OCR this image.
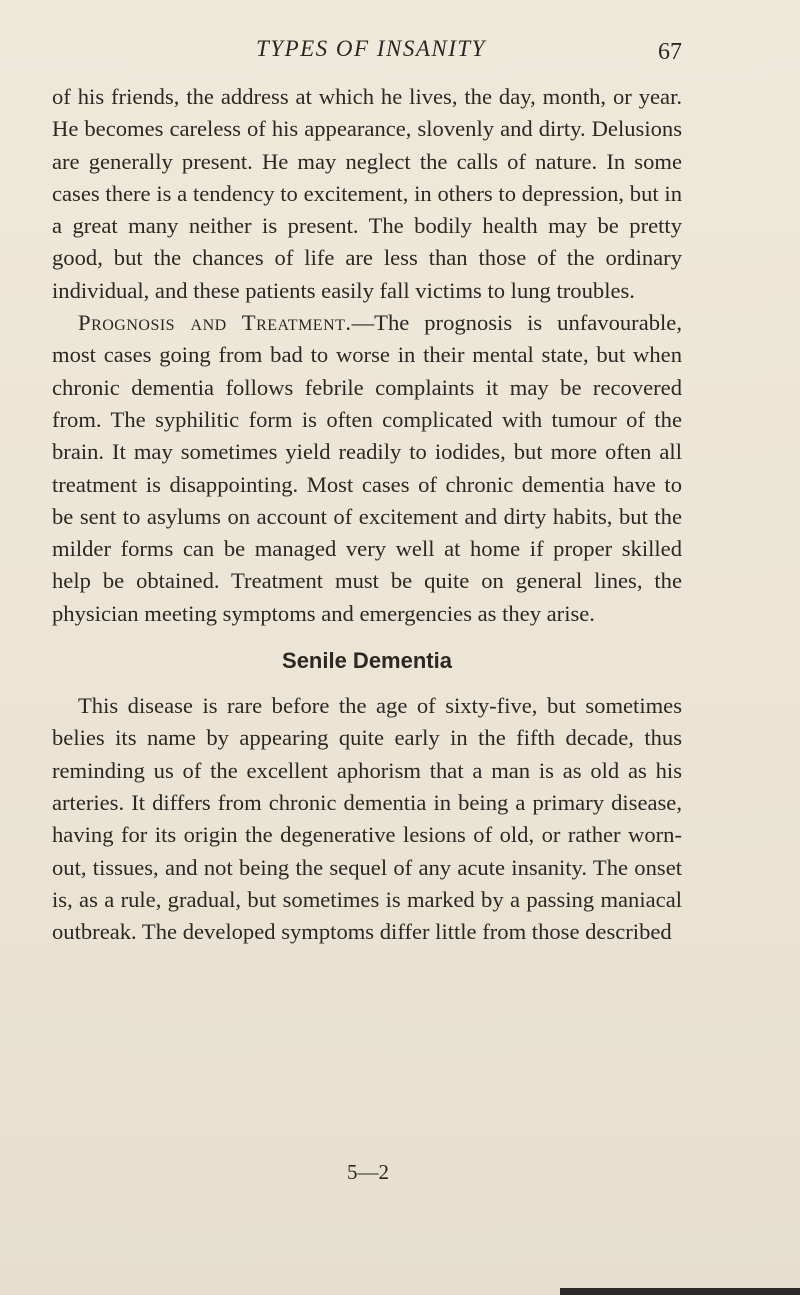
TYPES OF INSANITY	67

of his friends, the address at which he lives, the day, month, or year. He becomes careless of his appearance, slovenly and dirty. Delusions are generally present. He may neglect the calls of nature. In some cases there is a tendency to excitement, in others to depression, but in a great many neither is present. The bodily health may be pretty good, but the chances of life are less than those of the ordinary individual, and these patients easily fall victims to lung troubles.

Prognosis and Treatment.—The prognosis is unfavourable, most cases going from bad to worse in their mental state, but when chronic dementia follows febrile complaints it may be recovered from. The syphilitic form is often complicated with tumour of the brain. It may sometimes yield readily to iodides, but more often all treatment is disappointing. Most cases of chronic dementia have to be sent to asylums on account of excitement and dirty habits, but the milder forms can be managed very well at home if proper skilled help be obtained. Treatment must be quite on general lines, the physician meeting symptoms and emergencies as they arise.

Senile Dementia

This disease is rare before the age of sixty-five, but sometimes belies its name by appearing quite early in the fifth decade, thus reminding us of the excellent aphorism that a man is as old as his arteries. It differs from chronic dementia in being a primary disease, having for its origin the degenerative lesions of old, or rather worn-out, tissues, and not being the sequel of any acute insanity. The onset is, as a rule, gradual, but sometimes is marked by a passing maniacal outbreak. The developed symptoms differ little from those described

5—2
